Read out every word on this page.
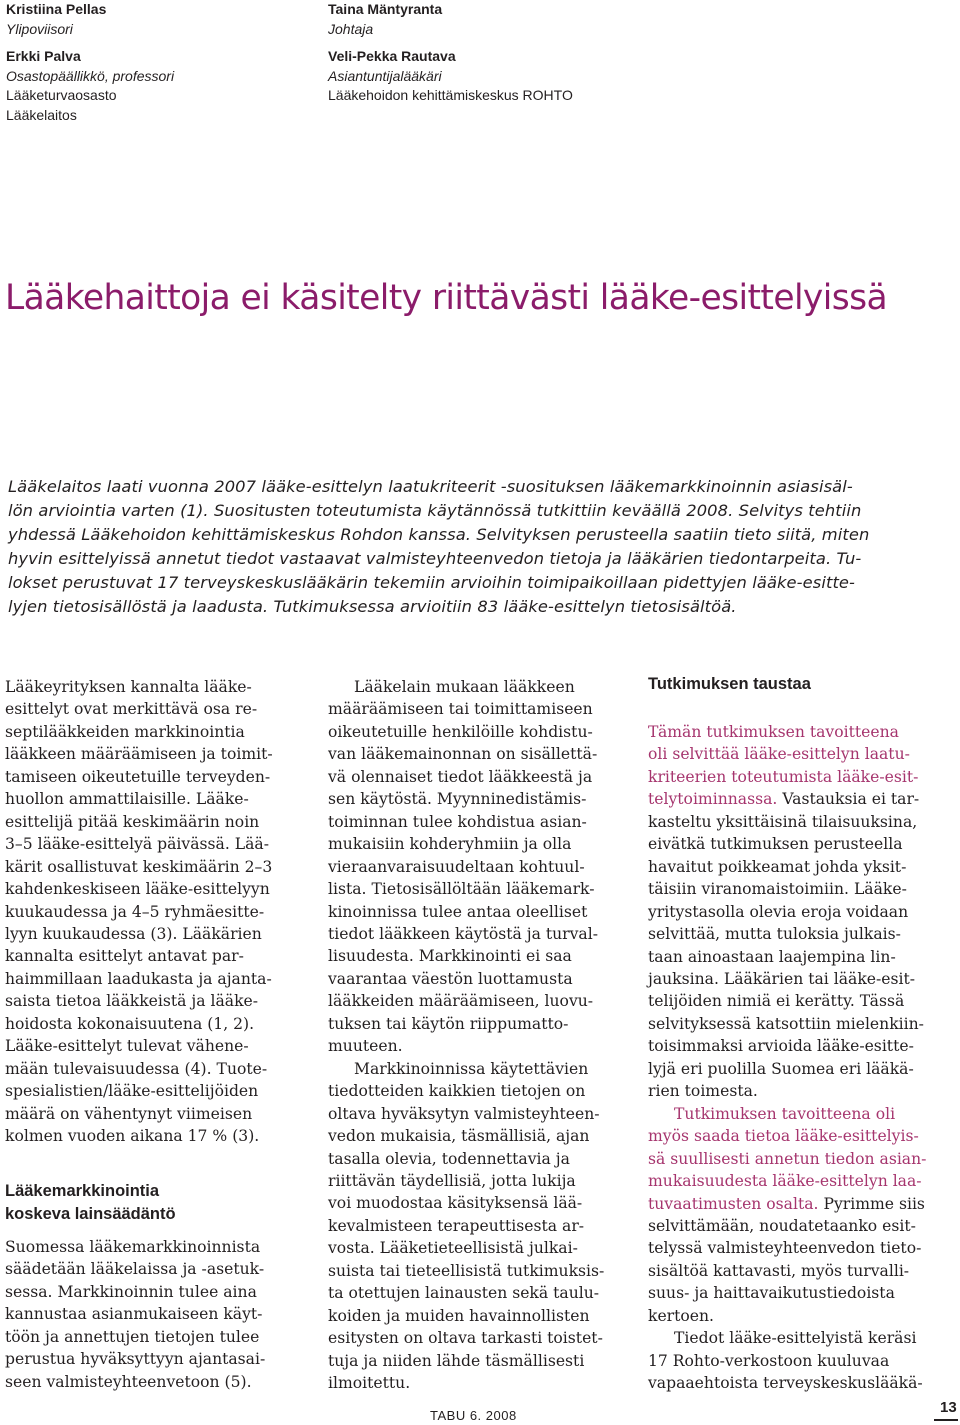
Kristiina Pellas
Ylipoviisori
Erkki Palva
Osastopäällikkö, professori
Lääketurvaosasto
Lääkelaitos
Taina Mäntyranta
Johtaja
Veli-Pekka Rautava
Asiantuntijalääkäri
Lääkehoidon kehittämiskeskus ROHTO
Lääkehaittoja ei käsitelty riittävästi lääke-esittelyissä

Lääkelaitos laati vuonna 2007 lääke-esittelyn laatukriteerit -suosituksen lääkemarkkinoinnin asiasisäl-
lön arviointia varten (1). Suositusten toteutumista käytännössä tutkittiin keväällä 2008. Selvitys tehtiin
yhdessä Lääkehoidon kehittämiskeskus Rohdon kanssa. Selvityksen perusteella saatiin tieto siitä, miten
hyvin esittelyissä annetut tiedot vastaavat valmisteyhteenvedon tietoja ja lääkärien tiedontarpeita. Tu-
lokset perustuvat 17 terveyskeskuslääkärin tekemiin arvioihin toimipaikoillaan pidettyjen lääke-esitte-
lyjen tietosisällöstä ja laadusta. Tutkimuksessa arvioitiin 83 lääke-esittelyn tietosisältöä.

Lääkeyrityksen kannalta lääke-
esittelyt ovat merkittävä osa re-
septilääkkeiden markkinointia
lääkkeen määräämiseen ja toimit-
tamiseen oikeutetuille terveyden-
huollon ammattilaisille. Lääke-
esittelijä pitää keskimäärin noin
3–5 lääke-esittelyä päivässä. Lää-
kärit osallistuvat keskimäärin 2–3
kahdenkeskiseen lääke-esittelyyn
kuukaudessa ja 4–5 ryhmäesitte-
lyyn kuukaudessa (3). Lääkärien
kannalta esittelyt antavat par-
haimmillaan laadukasta ja ajanta-
saista tietoa lääkkeistä ja lääke-
hoidosta kokonaisuutena (1, 2).
Lääke-esittelyt tulevat vähene-
mään tulevaisuudessa (4). Tuote-
spesialistien/lääke-esittelijöiden
määrä on vähentynyt viimeisen
kolmen vuoden aikana 17 % (3).
Lääkemarkkinointia
koskeva lainsäädäntö
Suomessa lääkemarkkinoinnista
säädetään lääkelaissa ja -asetuk-
sessa. Markkinoinnin tulee aina
kannustaa asianmukaiseen käyt-
töön ja annettujen tietojen tulee
perustua hyväksyttyyn ajantasai-
seen valmisteyhteenvetoon (5).
Lääkelain mukaan lääkkeen
määräämiseen tai toimittamiseen
oikeutetuille henkilöille kohdistu-
van lääkemainonnan on sisällettä-
vä olennaiset tiedot lääkkeestä ja
sen käytöstä. Myynninedistämis-
toiminnan tulee kohdistua asian-
mukaisiin kohderyhmiin ja olla
vieraanvaraisuudeltaan kohtuul-
lista. Tietosisällöltään lääkemark-
kinoinnissa tulee antaa oleelliset
tiedot lääkkeen käytöstä ja turval-
lisuudesta. Markkinointi ei saa
vaarantaa väestön luottamusta
lääkkeiden määräämiseen, luovu-
tuksen tai käytön riippumatto-
muuteen.
Markkinoinnissa käytettävien
tiedotteiden kaikkien tietojen on
oltava hyväksytyn valmisteyhteen-
vedon mukaisia, täsmällisiä, ajan
tasalla olevia, todennettavia ja
riittävän täydellisiä, jotta lukija
voi muodostaa käsityksensä lää-
kevalmisteen terapeuttisesta ar-
vosta. Lääketieteellisistä julkai-
suista tai tieteellisistä tutkimuksis-
ta otettujen lainausten sekä taulu-
koiden ja muiden havainnollisten
esitysten on oltava tarkasti toistet-
tuja ja niiden lähde täsmällisesti
ilmoitettu.
Tutkimuksen taustaa
Tämän tutkimuksen tavoitteena
oli selvittää lääke-esittelyn laatu-
kriteerien toteutumista lääke-esit-
telytoiminnassa. Vastauksia ei tar-
kasteltu yksittäisinä tilaisuuksina,
eivätkä tutkimuksen perusteella
havaitut poikkeamat johda yksit-
täisiin viranomaistoimiin. Lääke-
yritystasolla olevia eroja voidaan
selvittää, mutta tuloksia julkais-
taan ainoastaan laajempina lin-
jauksina. Lääkärien tai lääke-esit-
telijöiden nimiä ei kerätty. Tässä
selvityksessä katsottiin mielenkiin-
toisimmaksi arvioida lääke-esitte-
lyjä eri puolilla Suomea eri lääkä-
rien toimesta.
Tutkimuksen tavoitteena oli
myös saada tietoa lääke-esittelyis-
sä suullisesti annetun tiedon asian-
mukaisuudesta lääke-esittelyn laa-
tuvaatimusten osalta. Pyrimme siis
selvittämään, noudatetaanko esit-
telyssä valmisteyhteenvedon tieto-
sisältöä kattavasti, myös turvalli-
suus- ja haittavaikutustiedoista
kertoen.
Tiedot lääke-esittelyistä keräsi
17 Rohto-verkostoon kuuluvaa
vapaaehtoista terveyskeskuslääkä-
TABU 6. 2008	13
